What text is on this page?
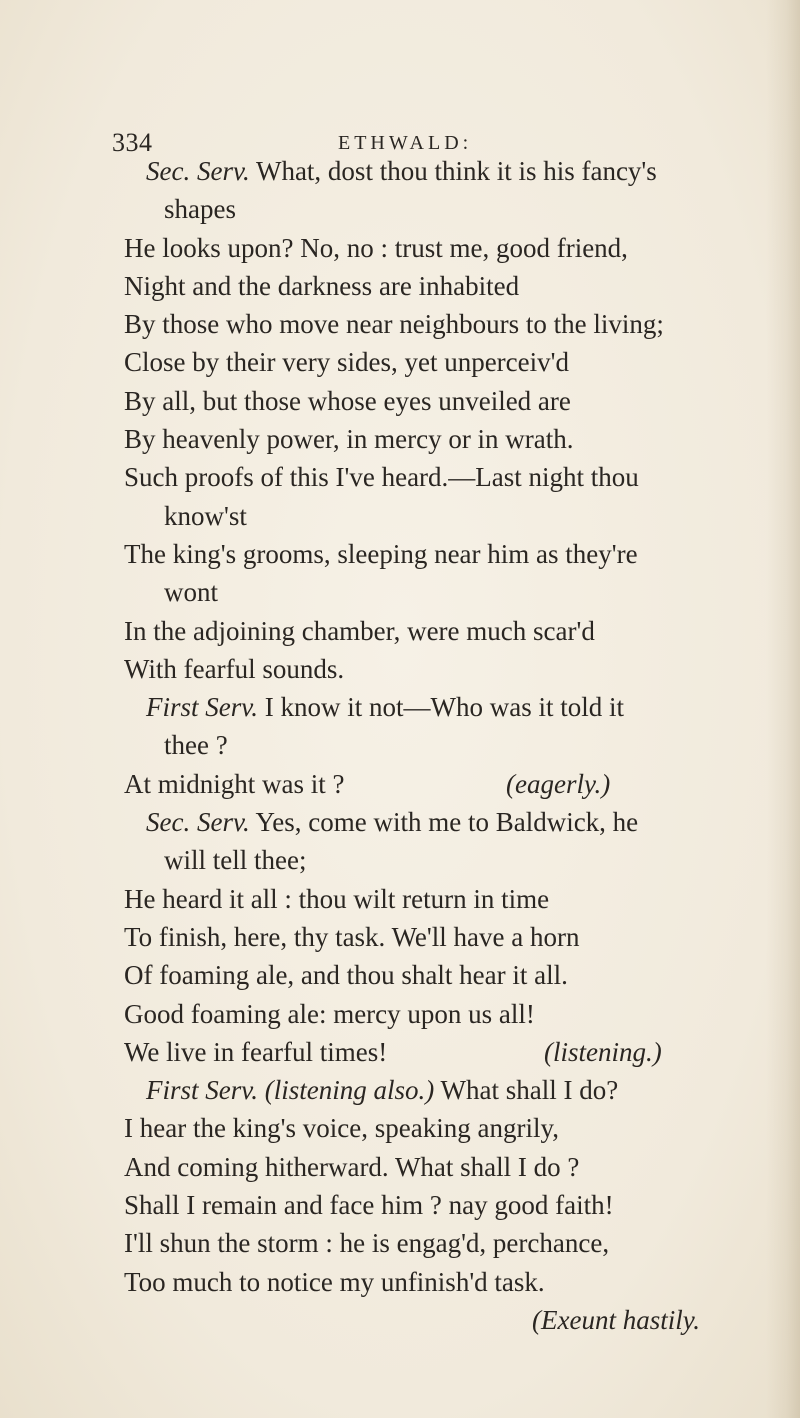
334	ETHWALD:
Sec. Serv. What, dost thou think it is his fancy's
shapes
He looks upon? No, no : trust me, good friend,
Night and the darkness are inhabited
By those who move near neighbours to the living;
Close by their very sides, yet unperceiv'd
By all, but those whose eyes unveiled are
By heavenly power, in mercy or in wrath.
Such proofs of this I've heard.—Last night thou
know'st
The king's grooms, sleeping near him as they're
wont
In the adjoining chamber, were much scar'd
With fearful sounds.
First Serv. I know it not—Who was it told it
thee ?
At midnight was it ?	(eagerly.)
Sec. Serv. Yes, come with me to Baldwick, he
will tell thee;
He heard it all : thou wilt return in time
To finish, here, thy task. We'll have a horn
Of foaming ale, and thou shalt hear it all.
Good foaming ale: mercy upon us all!
We live in fearful times!	(listening.)
First Serv. (listening also.) What shall I do?
I hear the king's voice, speaking angrily,
And coming hitherward. What shall I do ?
Shall I remain and face him ? nay good faith!
I'll shun the storm : he is engag'd, perchance,
Too much to notice my unfinish'd task.
(Exeunt hastily.
